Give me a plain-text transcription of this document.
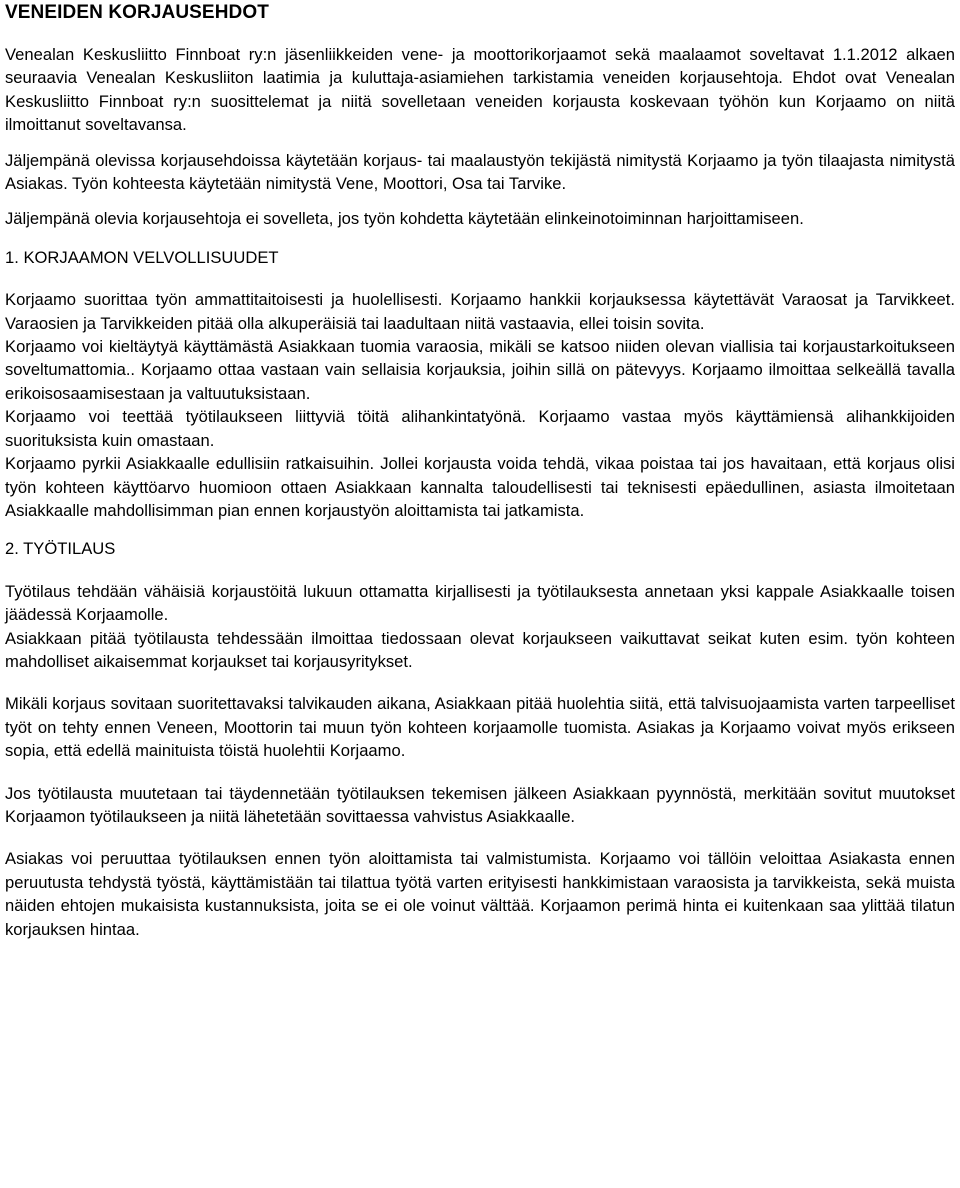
VENEIDEN KORJAUSEHDOT

Venealan Keskusliitto Finnboat ry:n jäsenliikkeiden vene- ja moottorikorjaamot sekä maalaamot soveltavat 1.1.2012 alkaen seuraavia Venealan Keskusliiton laatimia ja kuluttaja-asiamiehen tarkistamia veneiden korjausehtoja. Ehdot ovat Venealan Keskusliitto Finnboat ry:n suosittelemat ja niitä sovelletaan veneiden korjausta koskevaan työhön kun Korjaamo on niitä ilmoittanut soveltavansa.

Jäljempänä olevissa korjausehdoissa käytetään korjaus- tai maalaustyön tekijästä nimitystä Korjaamo ja työn tilaajasta nimitystä Asiakas. Työn kohteesta käytetään nimitystä Vene, Moottori, Osa tai Tarvike.

Jäljempänä olevia korjausehtoja ei sovelleta, jos työn kohdetta käytetään elinkeinotoiminnan harjoittamiseen.

1. KORJAAMON VELVOLLISUUDET

Korjaamo suorittaa työn ammattitaitoisesti ja huolellisesti. Korjaamo hankkii korjauksessa käytettävät Varaosat ja Tarvikkeet. Varaosien ja Tarvikkeiden pitää olla alkuperäisiä tai laadultaan niitä vastaavia, ellei toisin sovita.

Korjaamo voi kieltäytyä käyttämästä Asiakkaan tuomia varaosia, mikäli se katsoo niiden olevan viallisia tai korjaustarkoitukseen soveltumattomia.. Korjaamo ottaa vastaan vain sellaisia korjauksia, joihin sillä on pätevyys. Korjaamo ilmoittaa selkeällä tavalla erikoisosaamisestaan ja valtuutuksistaan.

Korjaamo voi teettää työtilaukseen liittyviä töitä alihankintatyönä. Korjaamo vastaa myös käyttämiensä alihankkijoiden suorituksista kuin omastaan.

Korjaamo pyrkii Asiakkaalle edullisiin ratkaisuihin. Jollei korjausta voida tehdä, vikaa poistaa tai jos havaitaan, että korjaus olisi työn kohteen käyttöarvo huomioon ottaen Asiakkaan kannalta taloudellisesti tai teknisesti epäedullinen, asiasta ilmoitetaan Asiakkaalle mahdollisimman pian ennen korjaustyön aloittamista tai jatkamista.

2. TYÖTILAUS

Työtilaus tehdään vähäisiä korjaustöitä lukuun ottamatta kirjallisesti ja työtilauksesta annetaan yksi kappale Asiakkaalle toisen jäädessä Korjaamolle.

Asiakkaan pitää työtilausta tehdessään ilmoittaa tiedossaan olevat korjaukseen vaikuttavat seikat kuten esim. työn kohteen mahdolliset aikaisemmat korjaukset tai korjausyritykset.

Mikäli korjaus sovitaan suoritettavaksi talvikauden aikana, Asiakkaan pitää huolehtia siitä, että talvisuojaamista varten tarpeelliset työt on tehty ennen Veneen, Moottorin tai muun työn kohteen korjaamolle tuomista. Asiakas ja Korjaamo voivat myös erikseen sopia, että edellä mainituista töistä huolehtii Korjaamo.

Jos työtilausta muutetaan tai täydennetään työtilauksen tekemisen jälkeen Asiakkaan pyynnöstä, merkitään sovitut muutokset Korjaamon työtilaukseen ja niitä lähetetään sovittaessa vahvistus Asiakkaalle.

Asiakas voi peruuttaa työtilauksen ennen työn aloittamista tai valmistumista. Korjaamo voi tällöin veloittaa Asiakasta ennen peruutusta tehdystä työstä, käyttämistään tai tilattua työtä varten erityisesti hankkimistaan varaosista ja tarvikkeista, sekä muista näiden ehtojen mukaisista kustannuksista, joita se ei ole voinut välttää. Korjaamon perimä hinta ei kuitenkaan saa ylittää tilatun korjauksen hintaa.
